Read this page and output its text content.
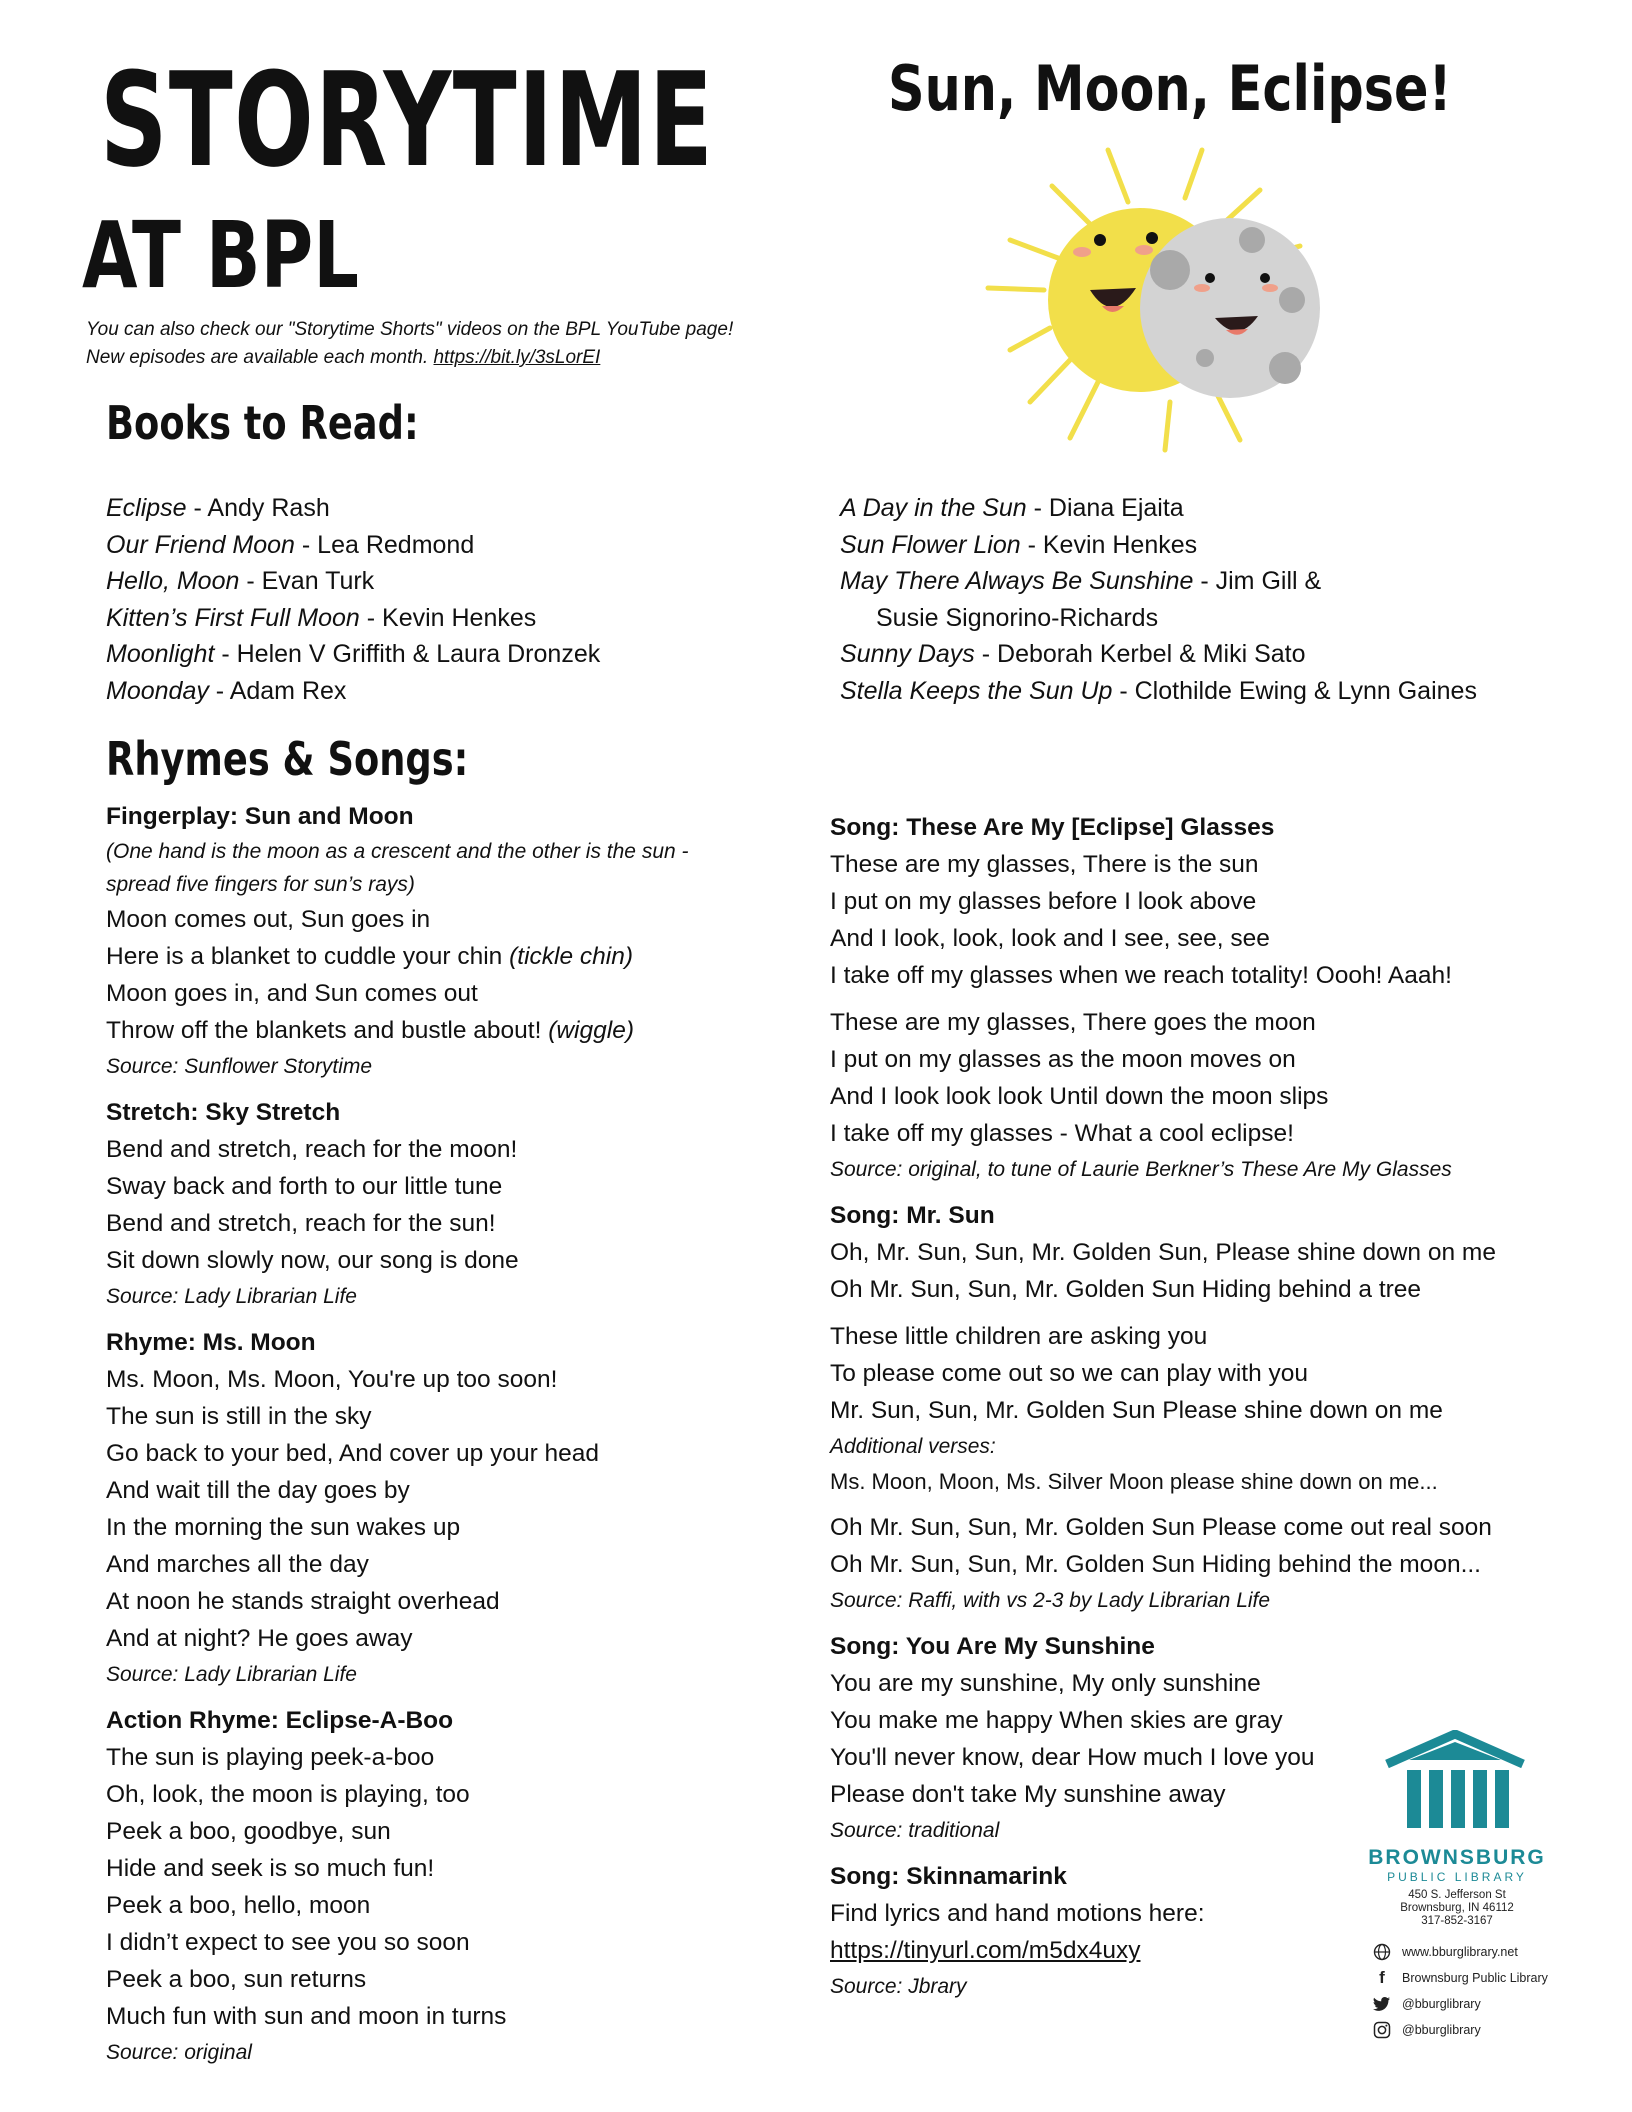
STORYTIME
AT BPL
Sun, Moon, Eclipse!
You can also check our "Storytime Shorts" videos on the BPL YouTube page! New episodes are available each month. https://bit.ly/3sLorEI
Books to Read:
Eclipse - Andy Rash
Our Friend Moon - Lea Redmond
Hello, Moon - Evan Turk
Kitten’s First Full Moon - Kevin Henkes
Moonlight - Helen V Griffith & Laura Dronzek
Moonday - Adam Rex
A Day in the Sun - Diana Ejaita
Sun Flower Lion - Kevin Henkes
May There Always Be Sunshine - Jim Gill &
Susie Signorino-Richards
Sunny Days - Deborah Kerbel & Miki Sato
Stella Keeps the Sun Up - Clothilde Ewing & Lynn Gaines
Rhymes & Songs:
Fingerplay: Sun and Moon
(One hand is the moon as a crescent and the other is the sun - spread five fingers for sun’s rays)
Moon comes out, Sun goes in
Here is a blanket to cuddle your chin (tickle chin)
Moon goes in, and Sun comes out
Throw off the blankets and bustle about! (wiggle)
Source: Sunflower Storytime
Stretch: Sky Stretch
Bend and stretch, reach for the moon!
Sway back and forth to our little tune
Bend and stretch, reach for the sun!
Sit down slowly now, our song is done
Source: Lady Librarian Life
Rhyme: Ms. Moon
Ms. Moon, Ms. Moon, You're up too soon!
The sun is still in the sky
Go back to your bed, And cover up your head
And wait till the day goes by
In the morning the sun wakes up
And marches all the day
At noon he stands straight overhead
And at night? He goes away
Source: Lady Librarian Life
Action Rhyme: Eclipse-A-Boo
The sun is playing peek-a-boo
Oh, look, the moon is playing, too
Peek a boo, goodbye, sun
Hide and seek is so much fun!
Peek a boo, hello, moon
I didn’t expect to see you so soon
Peek a boo, sun returns
Much fun with sun and moon in turns
Source: original
Song: These Are My [Eclipse] Glasses
These are my glasses, There is the sun
I put on my glasses before I look above
And I look, look, look and I see, see, see
I take off my glasses when we reach totality! Oooh! Aaah!
These are my glasses, There goes the moon
I put on my glasses as the moon moves on
And I look look look Until down the moon slips
I take off my glasses - What a cool eclipse!
Source: original, to tune of Laurie Berkner’s These Are My Glasses
Song: Mr. Sun
Oh, Mr. Sun, Sun, Mr. Golden Sun, Please shine down on me
Oh Mr. Sun, Sun, Mr. Golden Sun Hiding behind a tree
These little children are asking you
To please come out so we can play with you
Mr. Sun, Sun, Mr. Golden Sun Please shine down on me
Additional verses:
Ms. Moon, Moon, Ms. Silver Moon please shine down on me...
Oh Mr. Sun, Sun, Mr. Golden Sun Please come out real soon
Oh Mr. Sun, Sun, Mr. Golden Sun Hiding behind the moon...
Source: Raffi, with vs 2-3 by Lady Librarian Life
Song: You Are My Sunshine
You are my sunshine, My only sunshine
You make me happy When skies are gray
You'll never know, dear How much I love you
Please don't take My sunshine away
Source: traditional
Song: Skinnamarink
Find lyrics and hand motions here:
https://tinyurl.com/m5dx4uxy
Source: Jbrary
BROWNSBURG
PUBLIC LIBRARY
450 S. Jefferson St
Brownsburg, IN 46112
317-852-3167
www.bburglibrary.net
f	Brownsburg Public Library
@bburglibrary
@bburglibrary
